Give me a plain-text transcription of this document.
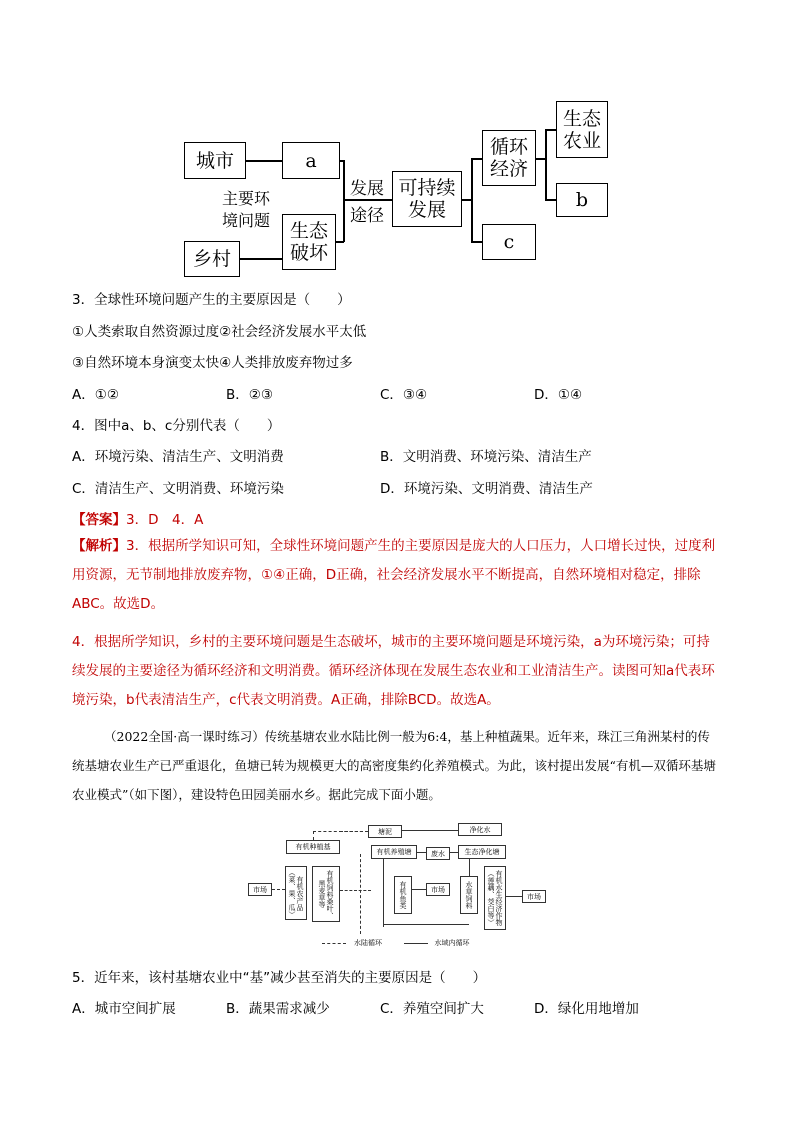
城市	a
主要环
境问题
乡村
生态
破坏
发展
途径
可持续
发展
循环
经济
c
生态
农业
b
3．全球性环境问题产生的主要原因是（　　）
①人类索取自然资源过度②社会经济发展水平太低
③自然环境本身演变太快④人类排放废弃物过多
A．①②	B．②③	C．③④	D．①④
4．图中a、b、c分别代表（　　）
A．环境污染、清洁生产、文明消费	B．文明消费、环境污染、清洁生产
C．清洁生产、文明消费、环境污染	D．环境污染、文明消费、清洁生产
【答案】3．D　4．A
【解析】3．根据所学知识可知，全球性环境问题产生的主要原因是庞大的人口压力，人口增长过快，过度利用资源，无节制地排放废弃物，①④正确，D正确，社会经济发展水平不断提高，自然环境相对稳定，排除ABC。故选D。
4．根据所学知识，乡村的主要环境问题是生态破坏，城市的主要环境问题是环境污染，a为环境污染；可持续发展的主要途径为循环经济和文明消费。循环经济体现在发展生态农业和工业清洁生产。读图可知a代表环境污染，b代表清洁生产，c代表文明消费。A正确，排除BCD。故选A。
（2022全国·高一课时练习）传统基塘农业水陆比例一般为6:4，基上种植蔬果。近年来，珠江三角洲某村的传统基塘农业生产已严重退化，鱼塘已转为规模更大的高密度集约化养殖模式。为此，该村提出发展“有机—双循环基塘农业模式”（如下图），建设特色田园美丽水乡。据此完成下面小题。
塘泥	净化水
有机种植基
有机养殖塘	废水	生态净化塘
市场	有机农产品（菜、果、瓜）	有机饲料桑叶、黑麦草等	有机鱼类	市场	水草饲料	有机水生经济作物（莲藕、茭白等）	市场
水陆循环	水域内循环
5．近年来，该村基塘农业中“基”减少甚至消失的主要原因是（　　）
A．城市空间扩展	B．蔬果需求减少	C．养殖空间扩大	D．绿化用地增加
